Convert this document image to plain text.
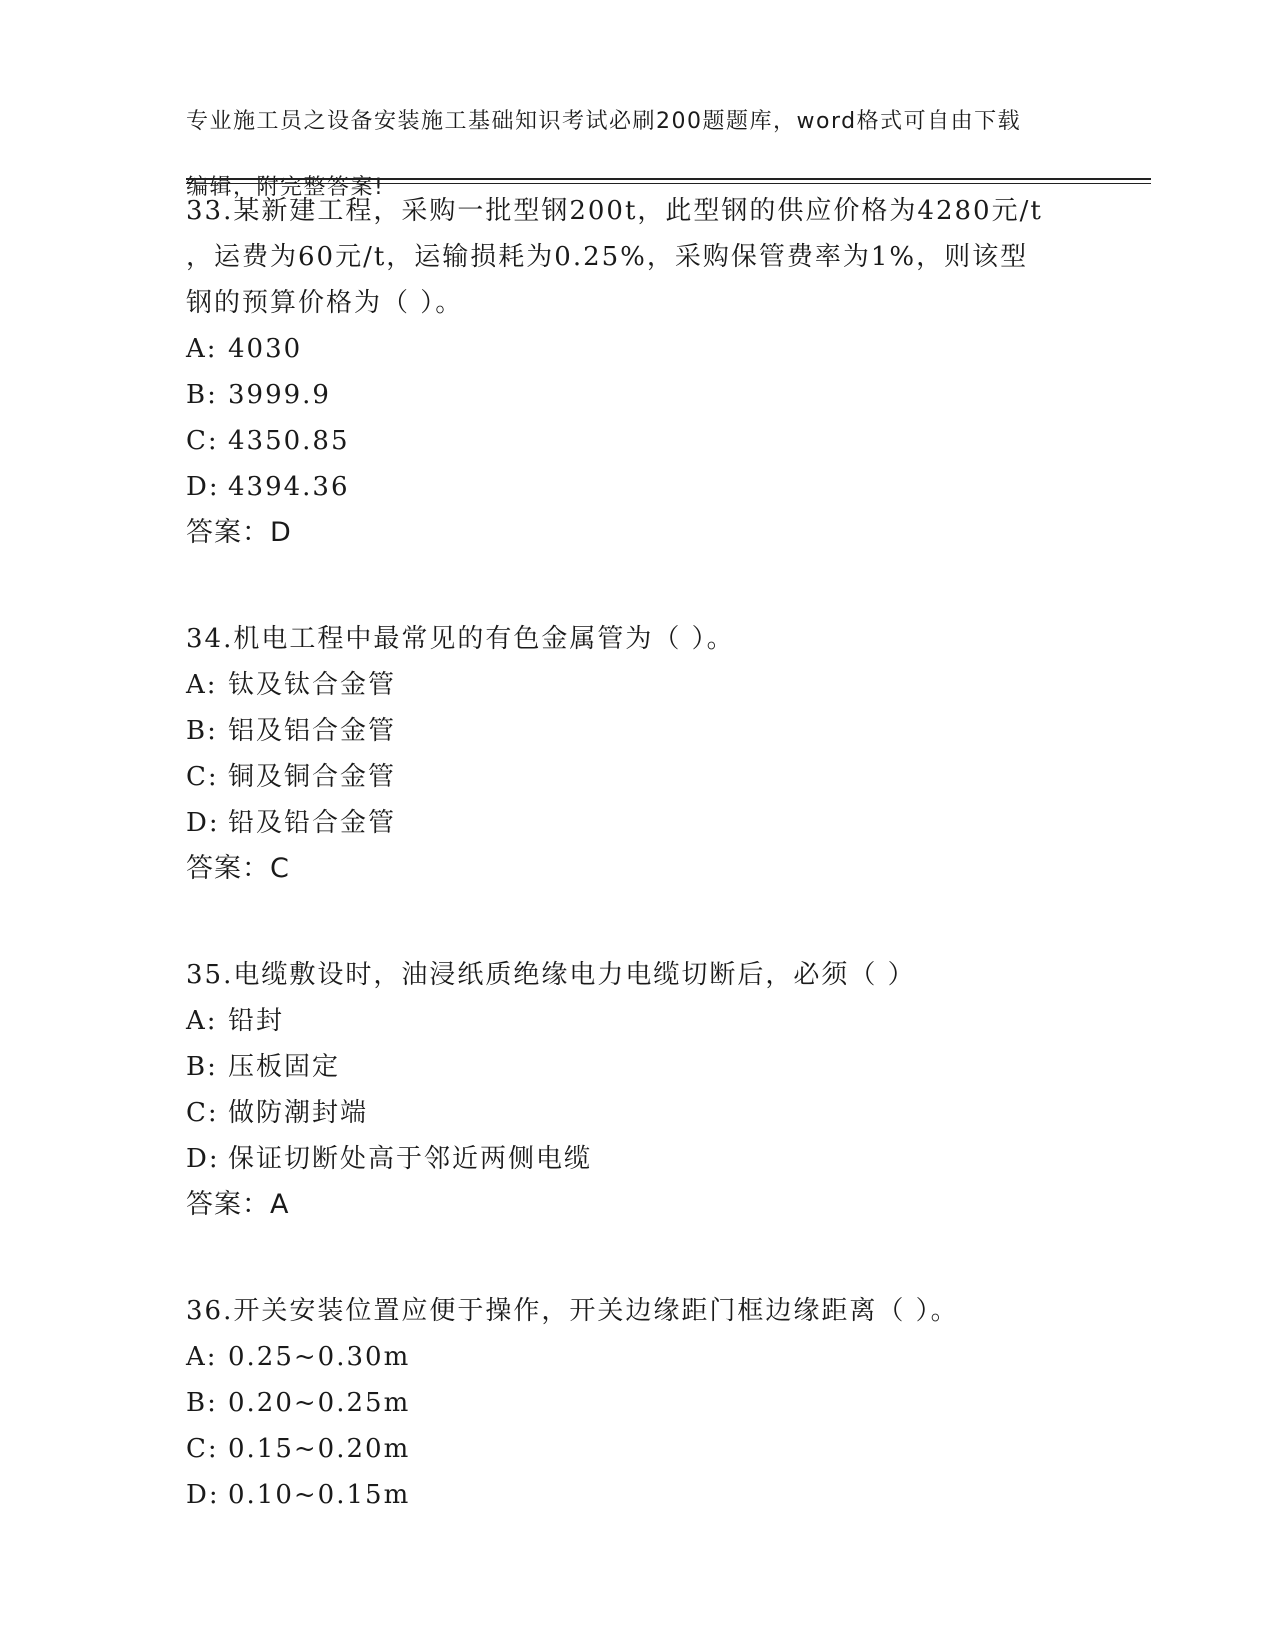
专业施工员之设备安装施工基础知识考试必刷200题题库，word格式可自由下载

编辑，附完整答案!

33.某新建工程，采购一批型钢200t，此型钢的供应价格为4280元/t
，运费为60元/t，运输损耗为0.25%，采购保管费率为1%，则该型
钢的预算价格为（ ）。
A: 4030
B: 3999.9
C: 4350.85
D: 4394.36
答案：D
34.机电工程中最常见的有色金属管为（ ）。
A: 钛及钛合金管
B: 铝及铝合金管
C: 铜及铜合金管
D: 铅及铅合金管
答案：C
35.电缆敷设时，油浸纸质绝缘电力电缆切断后，必须（ ）
A: 铅封
B: 压板固定
C: 做防潮封端
D: 保证切断处高于邻近两侧电缆
答案：A
36.开关安装位置应便于操作，开关边缘距门框边缘距离（ ）。
A: 0.25~0.30m
B: 0.20~0.25m
C: 0.15~0.20m
D: 0.10~0.15m
